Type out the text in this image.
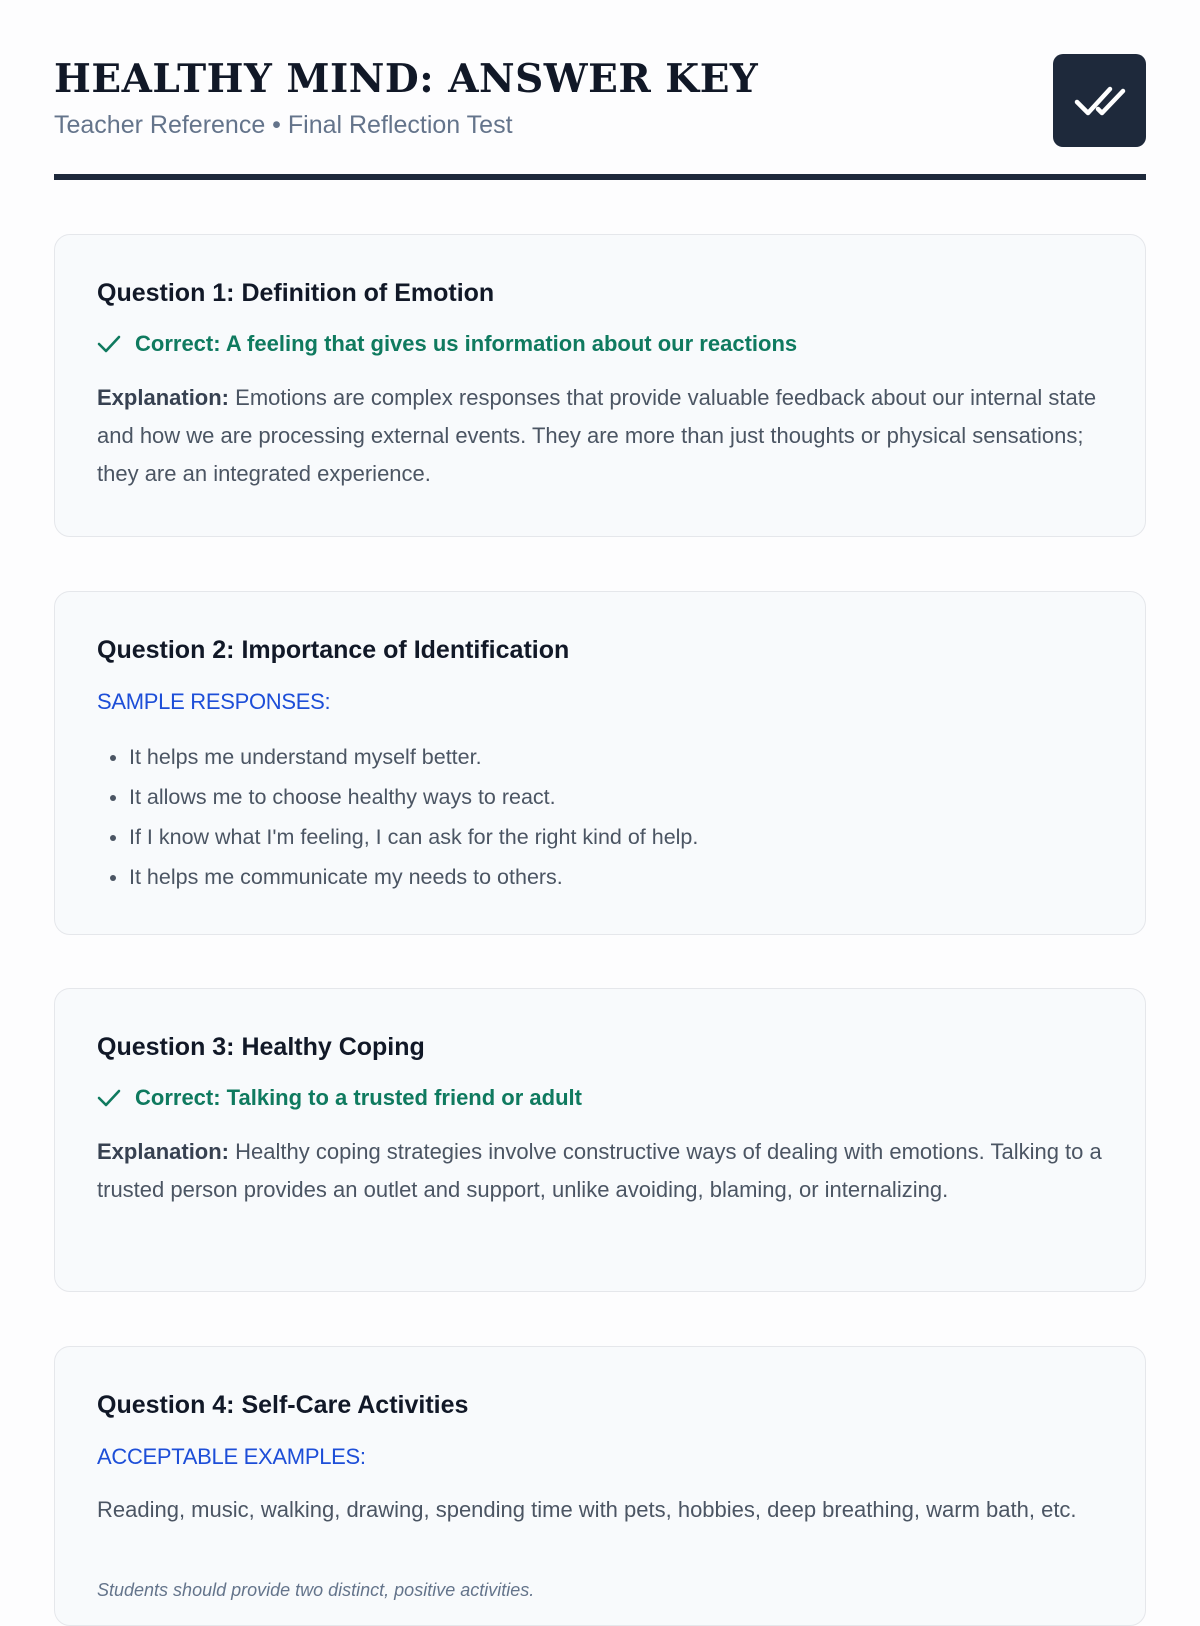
HEALTHY MIND: ANSWER KEY
Teacher Reference • Final Reflection Test
Question 1: Definition of Emotion
Correct: A feeling that gives us information about our reactions
Explanation: Emotions are complex responses that provide valuable feedback about our internal state and how we are processing external events. They are more than just thoughts or physical sensations; they are an integrated experience.
Question 2: Importance of Identification
SAMPLE RESPONSES:
• It helps me understand myself better.
• It allows me to choose healthy ways to react.
• If I know what I'm feeling, I can ask for the right kind of help.
• It helps me communicate my needs to others.
Question 3: Healthy Coping
Correct: Talking to a trusted friend or adult
Explanation: Healthy coping strategies involve constructive ways of dealing with emotions. Talking to a trusted person provides an outlet and support, unlike avoiding, blaming, or internalizing.
Question 4: Self-Care Activities
ACCEPTABLE EXAMPLES:
Reading, music, walking, drawing, spending time with pets, hobbies, deep breathing, warm bath, etc.
Students should provide two distinct, positive activities.
